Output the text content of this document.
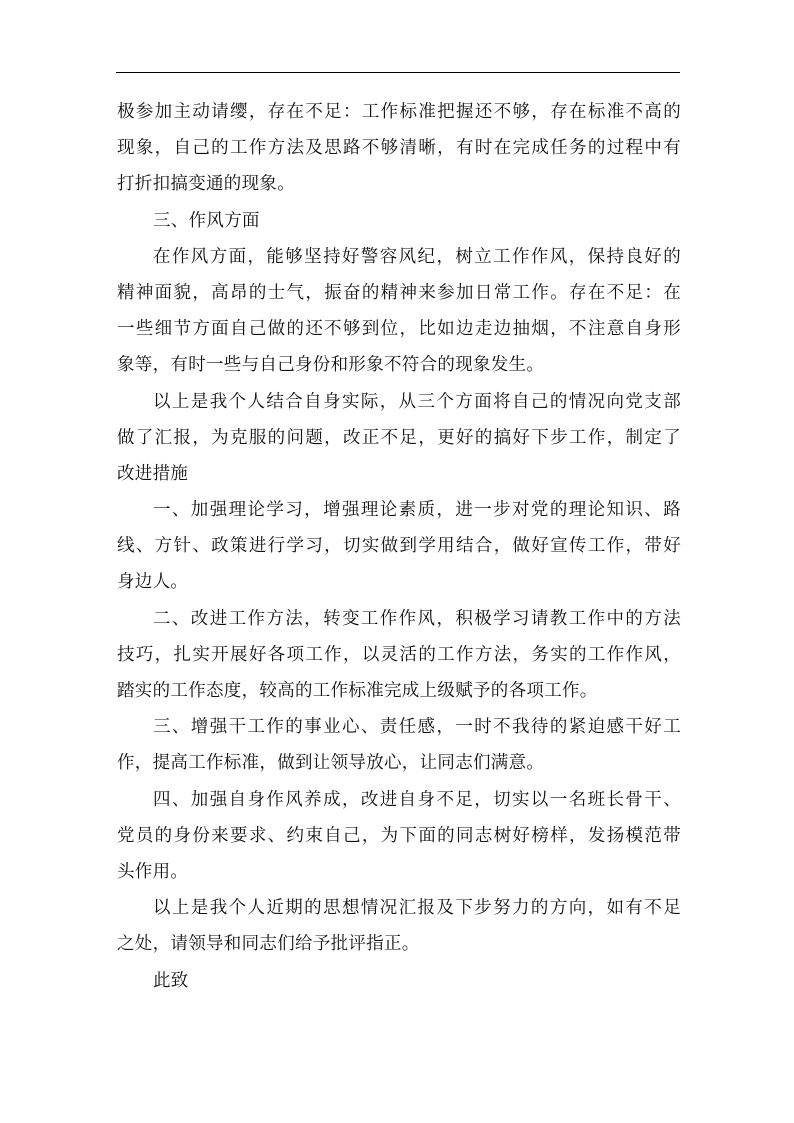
极参加主动请缨，存在不足：工作标准把握还不够，存在标准不高的
现象，自己的工作方法及思路不够清晰，有时在完成任务的过程中有
打折扣搞变通的现象。
三、作风方面
在作风方面，能够坚持好警容风纪，树立工作作风，保持良好的
精神面貌，高昂的士气，振奋的精神来参加日常工作。存在不足：在
一些细节方面自己做的还不够到位，比如边走边抽烟，不注意自身形
象等，有时一些与自己身份和形象不符合的现象发生。
以上是我个人结合自身实际，从三个方面将自己的情况向党支部
做了汇报，为克服的问题，改正不足，更好的搞好下步工作，制定了
改进措施
一、加强理论学习，增强理论素质，进一步对党的理论知识、路
线、方针、政策进行学习，切实做到学用结合，做好宣传工作，带好
身边人。
二、改进工作方法，转变工作作风，积极学习请教工作中的方法
技巧，扎实开展好各项工作，以灵活的工作方法，务实的工作作风，
踏实的工作态度，较高的工作标准完成上级赋予的各项工作。
三、增强干工作的事业心、责任感，一时不我待的紧迫感干好工
作，提高工作标准，做到让领导放心，让同志们满意。
四、加强自身作风养成，改进自身不足，切实以一名班长骨干、
党员的身份来要求、约束自己，为下面的同志树好榜样，发扬模范带
头作用。
以上是我个人近期的思想情况汇报及下步努力的方向，如有不足
之处，请领导和同志们给予批评指正。
此致
